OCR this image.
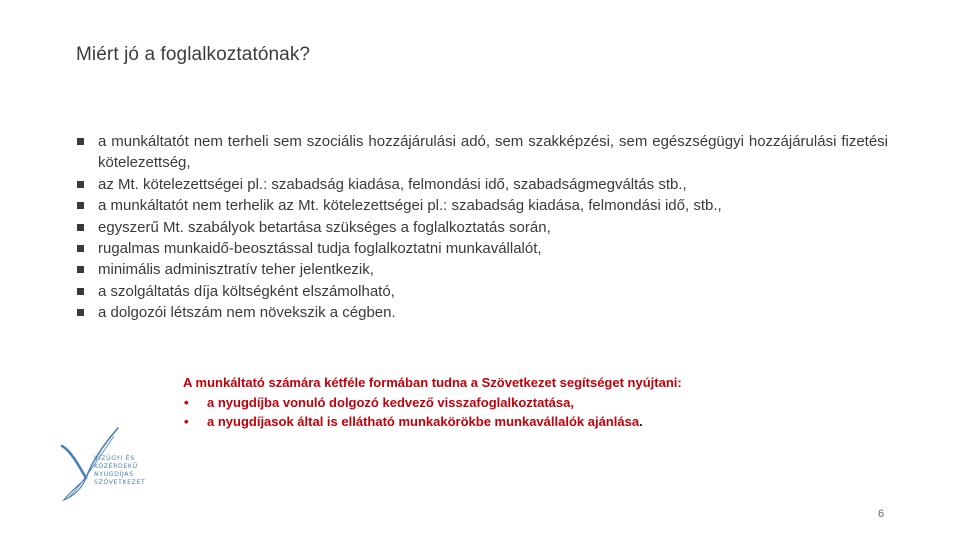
Miért jó a foglalkoztatónak?
a munkáltatót nem terheli sem szociális hozzájárulási adó, sem szakképzési, sem egészségügyi hozzájárulási fizetési kötelezettség,
az Mt. kötelezettségei pl.: szabadság kiadása, felmondási idő, szabadságmegváltás stb.,
a munkáltatót nem terhelik az Mt. kötelezettségei pl.: szabadság kiadása, felmondási idő, stb.,
egyszerű Mt. szabályok betartása szükséges a foglalkoztatás során,
rugalmas munkaidő-beosztással tudja foglalkoztatni munkavállalót,
minimális adminisztratív teher jelentkezik,
a szolgáltatás díja költségként elszámolható,
a dolgozói létszám nem növekszik a cégben.
A munkáltató számára kétféle formában tudna a Szövetkezet segítséget nyújtani:
• a nyugdíjba vonuló dolgozó kedvező visszafoglalkoztatása,
• a nyugdíjasok által is ellátható munkakörökbe munkavállalók ajánlása.
VÍZÜGYI ÉS
KÖZÉRDEKŰ
NYUGDÍJAS
SZÖVETKEZET
6
